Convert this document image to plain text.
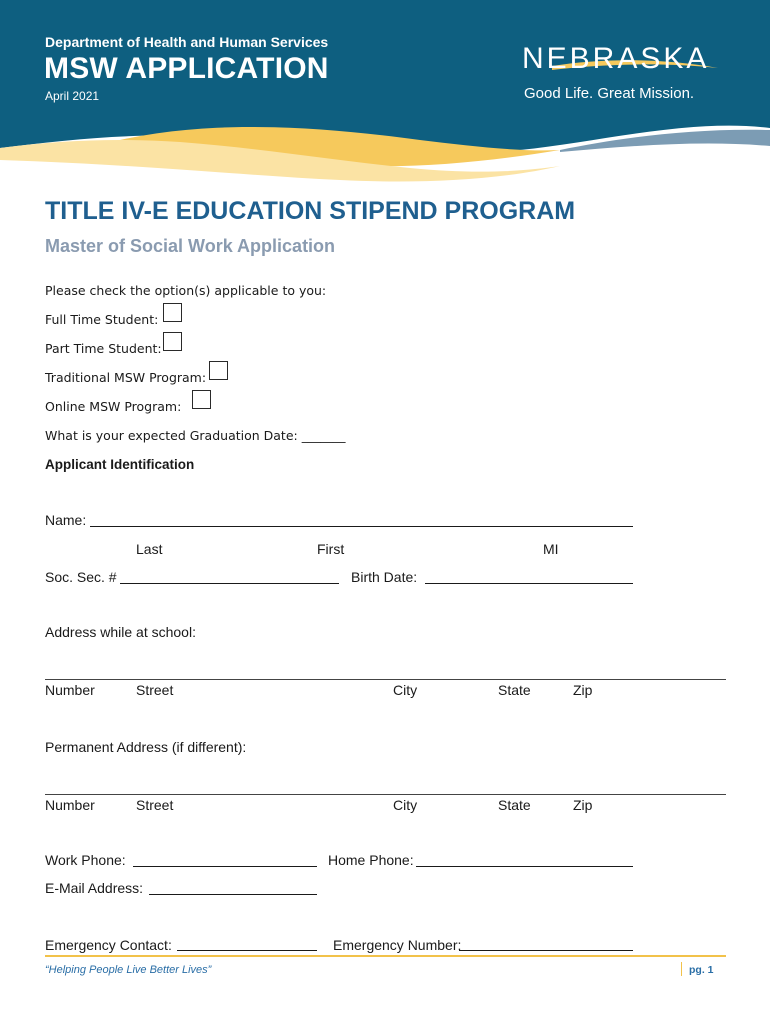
Department of Health and Human Services
MSW APPLICATION
April 2021
NEBRASKA
Good Life. Great Mission.
TITLE IV-E EDUCATION STIPEND PROGRAM
Master of Social Work Application
Please check the option(s) applicable to you:
Full Time Student:
Part Time Student:
Traditional MSW Program:
Online MSW Program:
What is your expected Graduation Date: _______
Applicant Identification
Name:
Last	First	MI
Soc. Sec. #	Birth Date:
Address while at school:
Number	Street	City	State	Zip
Permanent Address (if different):
Number	Street	City	State	Zip
Work Phone:	Home Phone:
E-Mail Address:
Emergency Contact:	Emergency Number:
“Helping People Live Better Lives”	pg. 1
